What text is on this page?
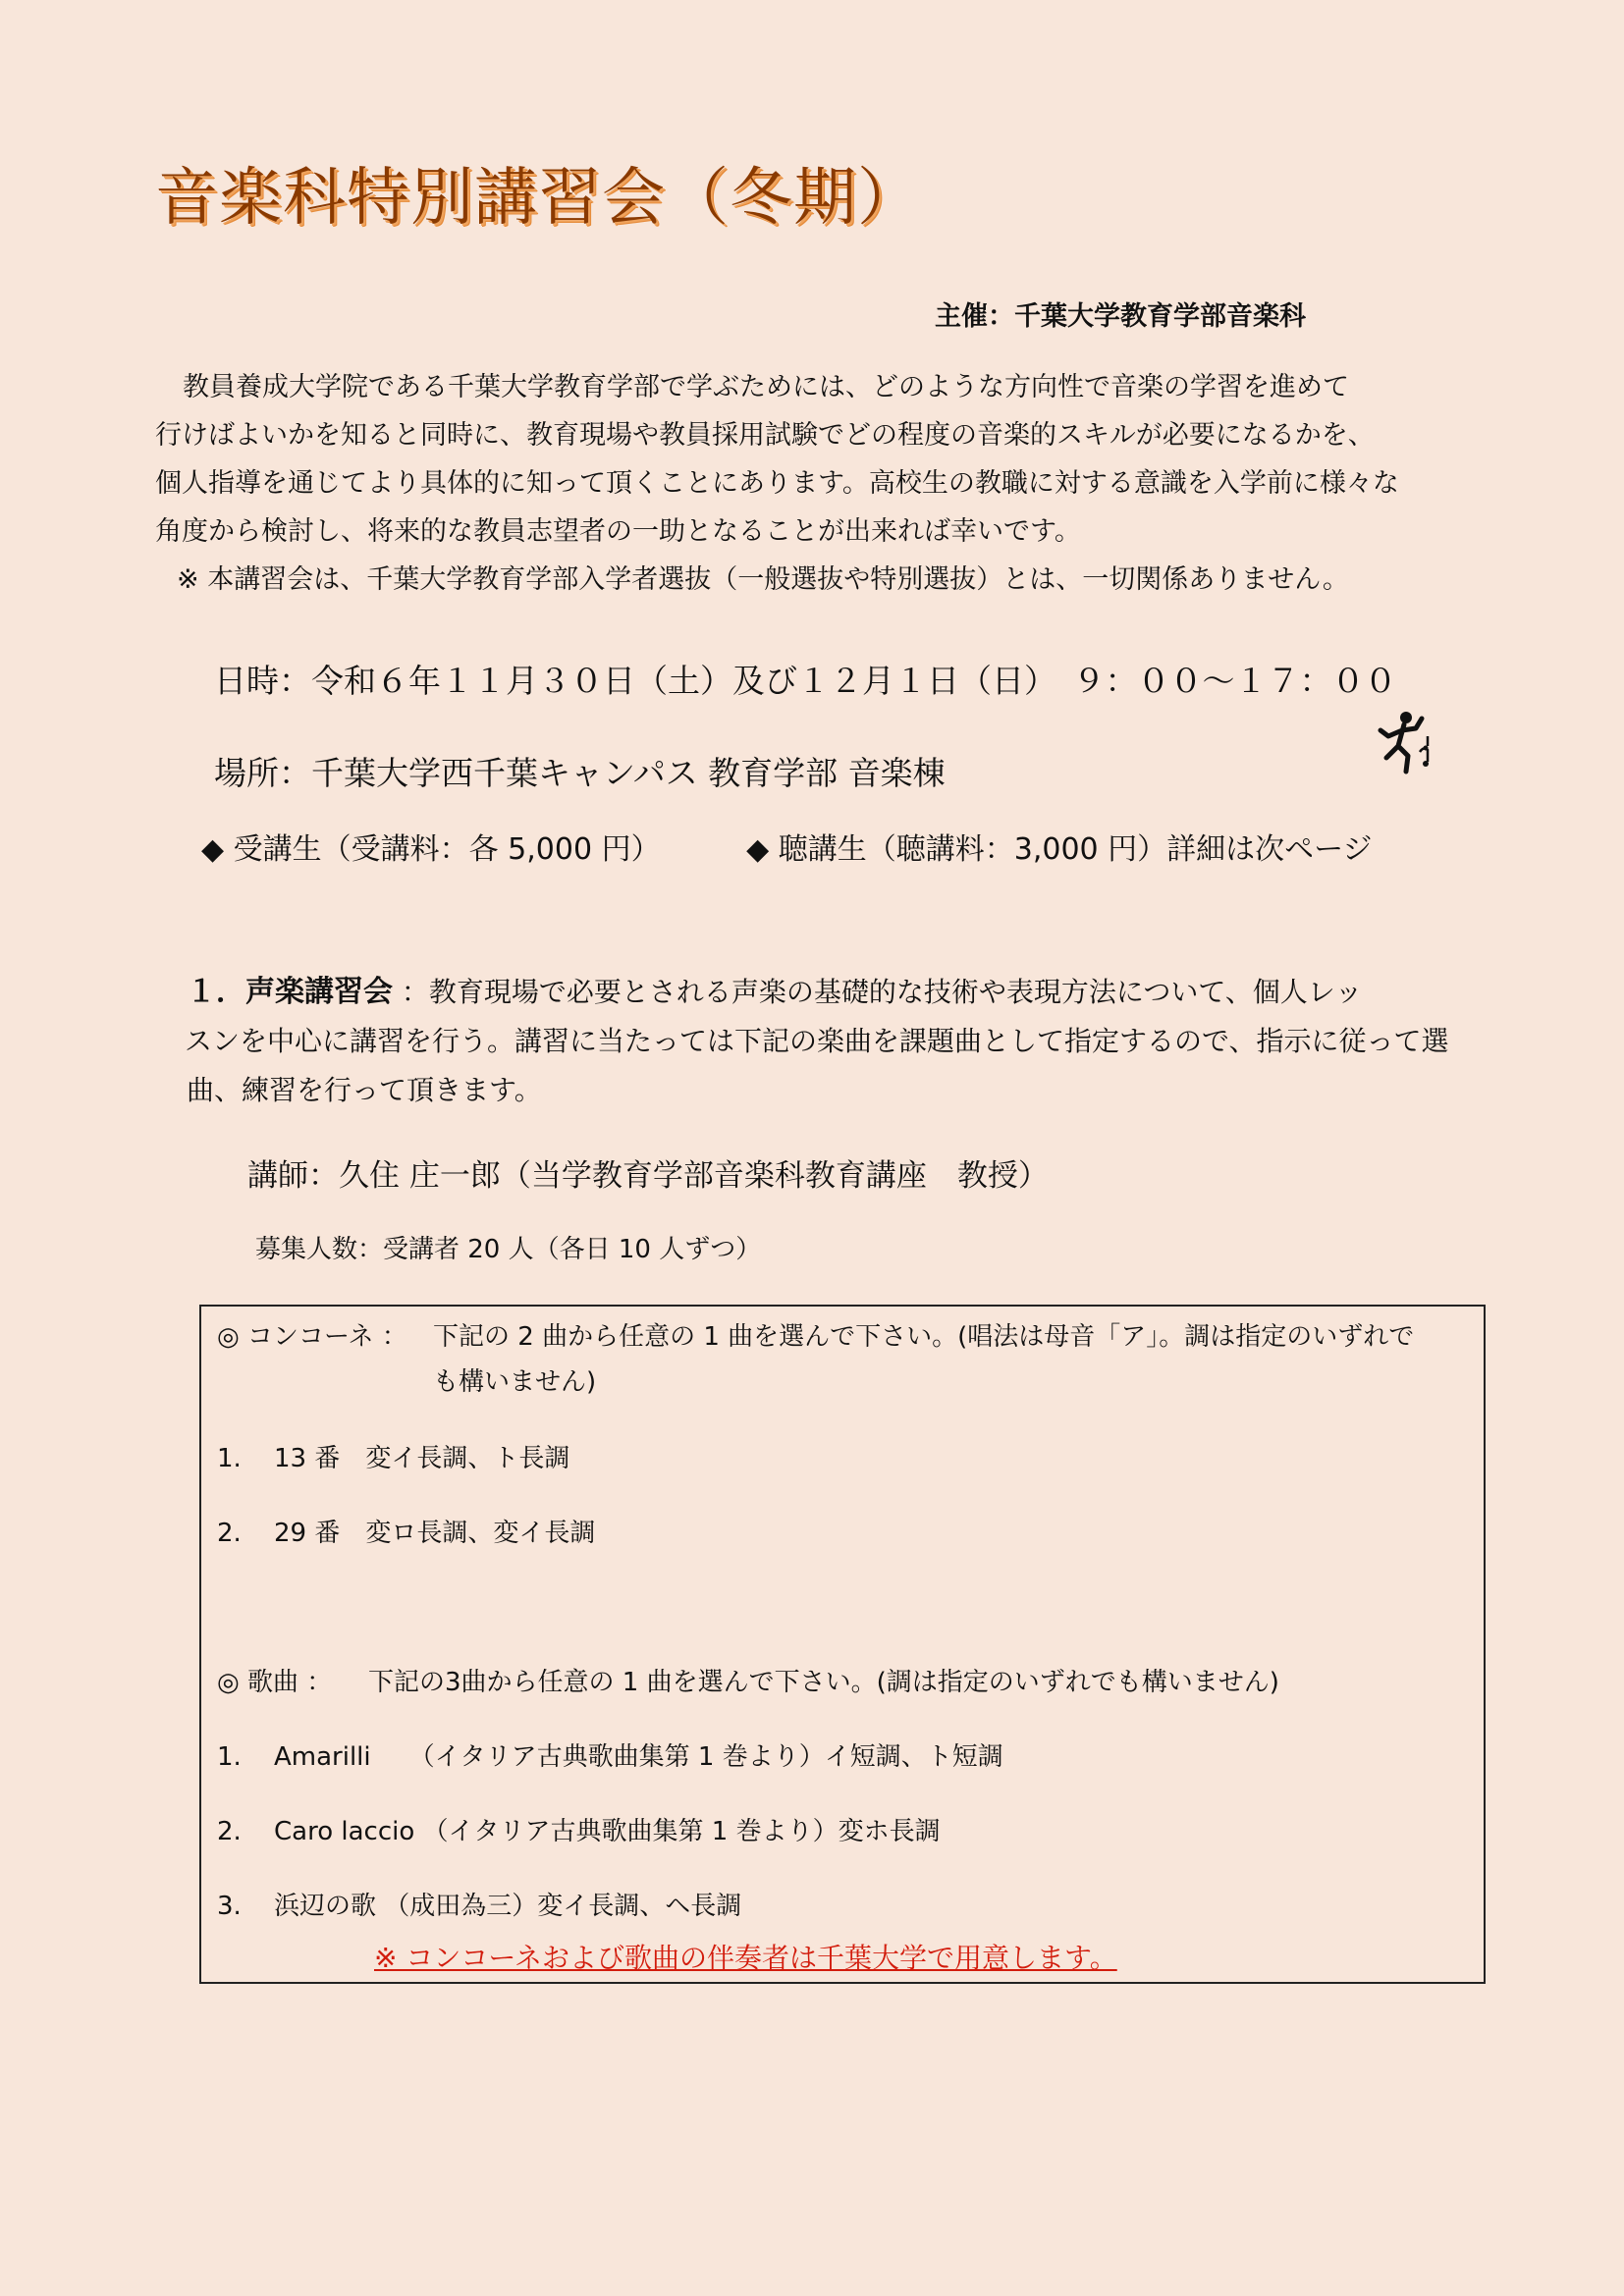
音楽科特別講習会（冬期）
主催：千葉大学教育学部音楽科

教員養成大学院である千葉大学教育学部で学ぶためには、どのような方向性で音楽の学習を進めて

行けばよいかを知ると同時に、教育現場や教員採用試験でどの程度の音楽的スキルが必要になるかを、
個人指導を通じてより具体的に知って頂くことにあります。高校生の教職に対する意識を入学前に様々な
角度から検討し、将来的な教員志望者の一助となることが出来れば幸いです。
※ 本講習会は、千葉大学教育学部入学者選抜（一般選抜や特別選抜）とは、一切関係ありません。
日時：令和６年１１月３０日（土）及び１２月１日（日）　９：００～１７：００
場所：千葉大学西千葉キャンパス 教育学部 音楽棟
◆ 受講生（受講料：各 5,000 円）	◆ 聴講生（聴講料：3,000 円）詳細は次ページ
１．声楽講習会 ：教育現場で必要とされる声楽の基礎的な技術や表現方法について、個人レッ
スンを中心に講習を行う。講習に当たっては下記の楽曲を課題曲として指定するので、指示に従って選
曲、練習を行って頂きます。
講師：久住 庄一郎（当学教育学部音楽科教育講座　教授）
募集人数：受講者 20 人（各日 10 人ずつ）
◎ コンコーネ ： 下記の 2 曲から任意の 1 曲を選んで下さい。(唱法は母音「ア」。調は指定のいずれで
も構いません)
1. 13 番　変イ長調、ト長調
2. 29 番　変ロ長調、変イ長調
◎ 歌曲 ： 下記の3曲から任意の 1 曲を選んで下さい。(調は指定のいずれでも構いません)
1. Amarilli　　（イタリア古典歌曲集第 1 巻より）イ短調、ト短調
2. Caro laccio （イタリア古典歌曲集第 1 巻より）変ホ長調
3. 浜辺の歌 （成田為三）変イ長調、ヘ長調
※ コンコーネおよび歌曲の伴奏者は千葉大学で用意します。
